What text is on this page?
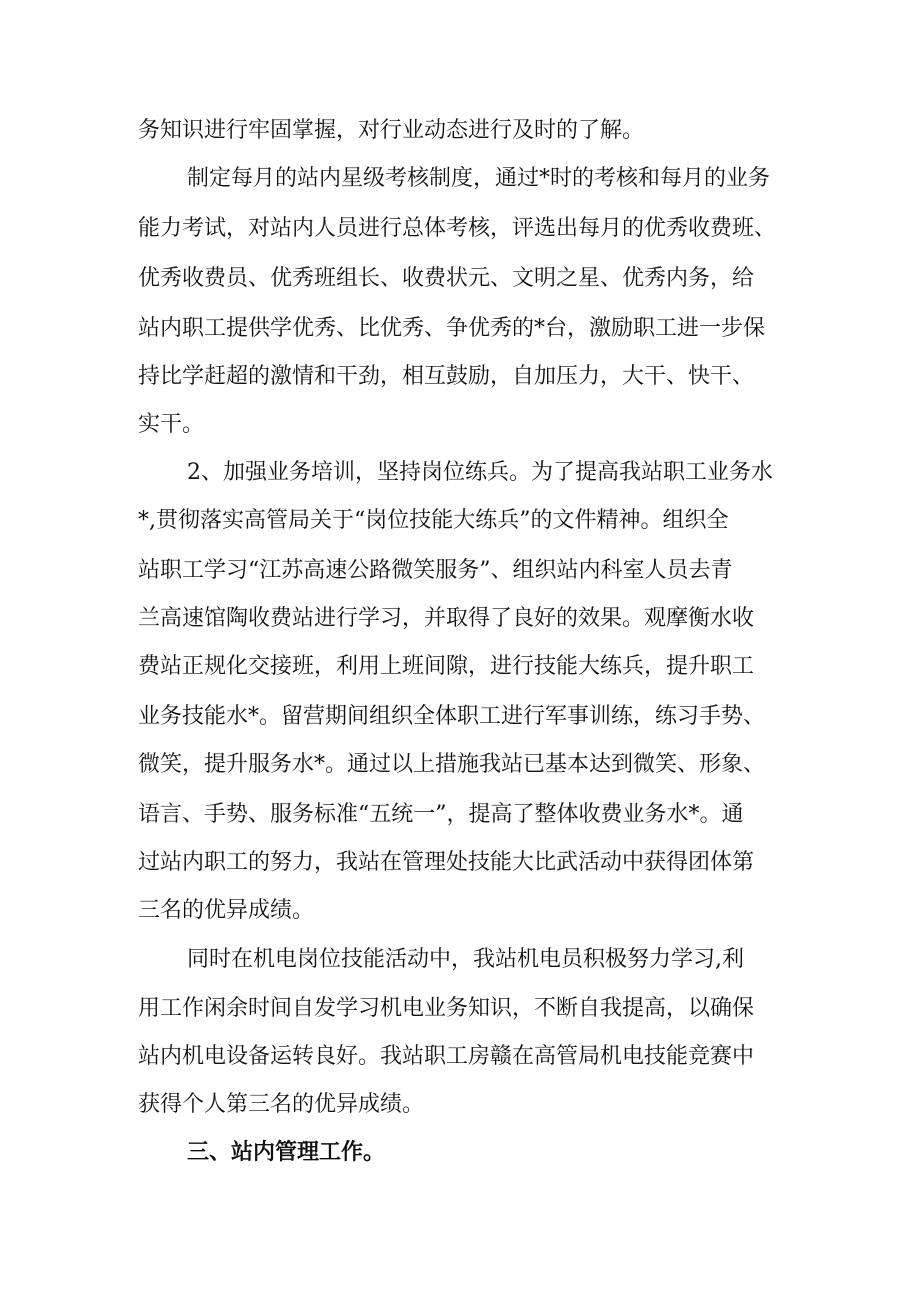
务知识进行牢固掌握，对行业动态进行及时的了解。
制定每月的站内星级考核制度，通过*时的考核和每月的业务
能力考试，对站内人员进行总体考核，评选出每月的优秀收费班、
优秀收费员、优秀班组长、收费状元、文明之星、优秀内务，给
站内职工提供学优秀、比优秀、争优秀的*台，激励职工进一步保
持比学赶超的激情和干劲，相互鼓励，自加压力，大干、快干、
实干。
2、加强业务培训，坚持岗位练兵。为了提高我站职工业务水
*,贯彻落实高管局关于“岗位技能大练兵”的文件精神。组织全
站职工学习“江苏高速公路微笑服务”、组织站内科室人员去青
兰高速馆陶收费站进行学习，并取得了良好的效果。观摩衡水收
费站正规化交接班，利用上班间隙，进行技能大练兵，提升职工
业务技能水*。留营期间组织全体职工进行军事训练，练习手势、
微笑，提升服务水*。通过以上措施我站已基本达到微笑、形象、
语言、手势、服务标准“五统一”，提高了整体收费业务水*。通
过站内职工的努力，我站在管理处技能大比武活动中获得团体第
三名的优异成绩。
同时在机电岗位技能活动中，我站机电员积极努力学习,利
用工作闲余时间自发学习机电业务知识，不断自我提高，以确保
站内机电设备运转良好。我站职工房赣在高管局机电技能竞赛中
获得个人第三名的优异成绩。
三、站内管理工作。
